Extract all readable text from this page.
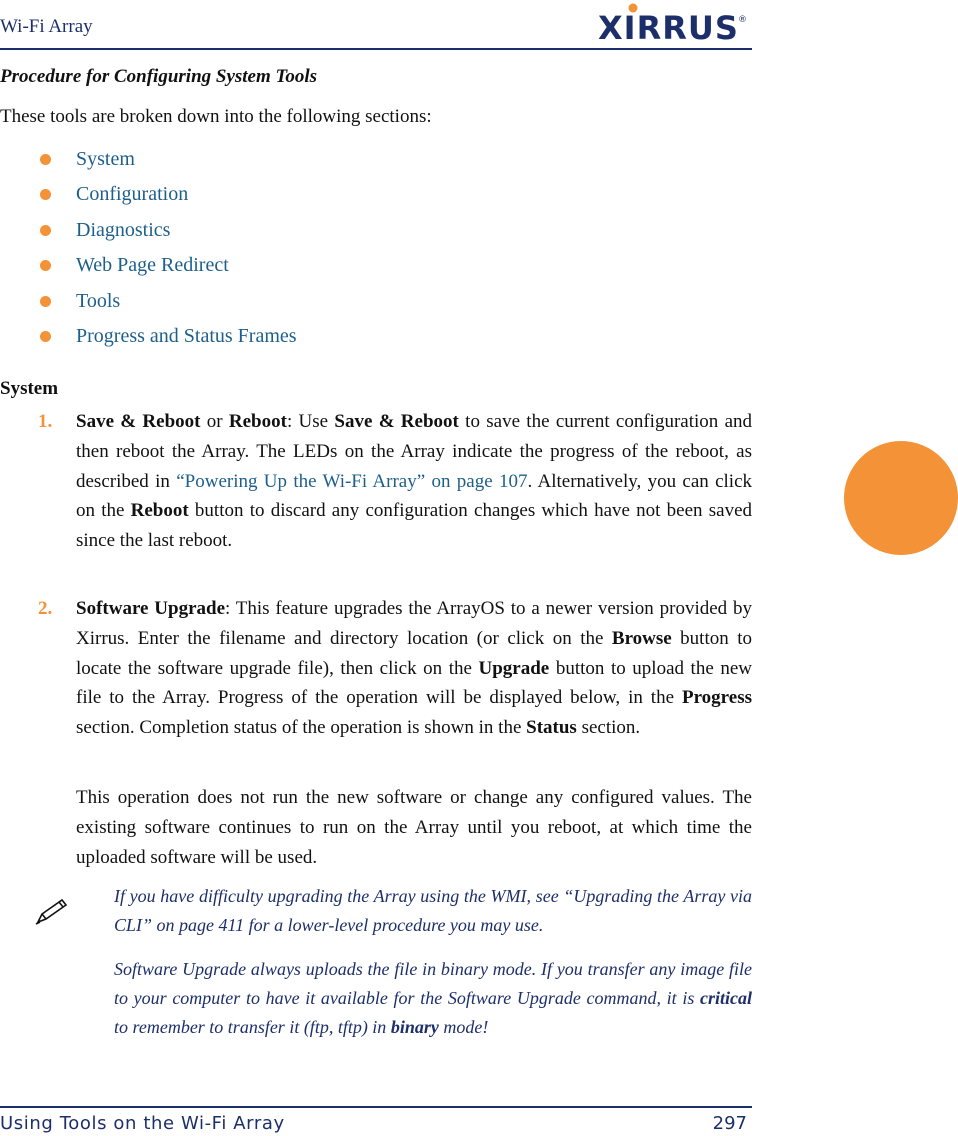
Wi-Fi Array	XIRRUS ®
Procedure for Configuring System Tools
These tools are broken down into the following sections:
System
Configuration
Diagnostics
Web Page Redirect
Tools
Progress and Status Frames
System
1. Save & Reboot or Reboot: Use Save & Reboot to save the current configuration and then reboot the Array. The LEDs on the Array indicate the progress of the reboot, as described in “Powering Up the Wi-Fi Array” on page 107. Alternatively, you can click on the Reboot button to discard any configuration changes which have not been saved since the last reboot.
2. Software Upgrade: This feature upgrades the ArrayOS to a newer version provided by Xirrus. Enter the filename and directory location (or click on the Browse button to locate the software upgrade file), then click on the Upgrade button to upload the new file to the Array. Progress of the operation will be displayed below, in the Progress section. Completion status of the operation is shown in the Status section.
This operation does not run the new software or change any configured values. The existing software continues to run on the Array until you reboot, at which time the uploaded software will be used.
If you have difficulty upgrading the Array using the WMI, see “Upgrading the Array via CLI” on page 411 for a lower-level procedure you may use.
Software Upgrade always uploads the file in binary mode. If you transfer any image file to your computer to have it available for the Software Upgrade command, it is critical to remember to transfer it (ftp, tftp) in binary mode!
Using Tools on the Wi-Fi Array	297
